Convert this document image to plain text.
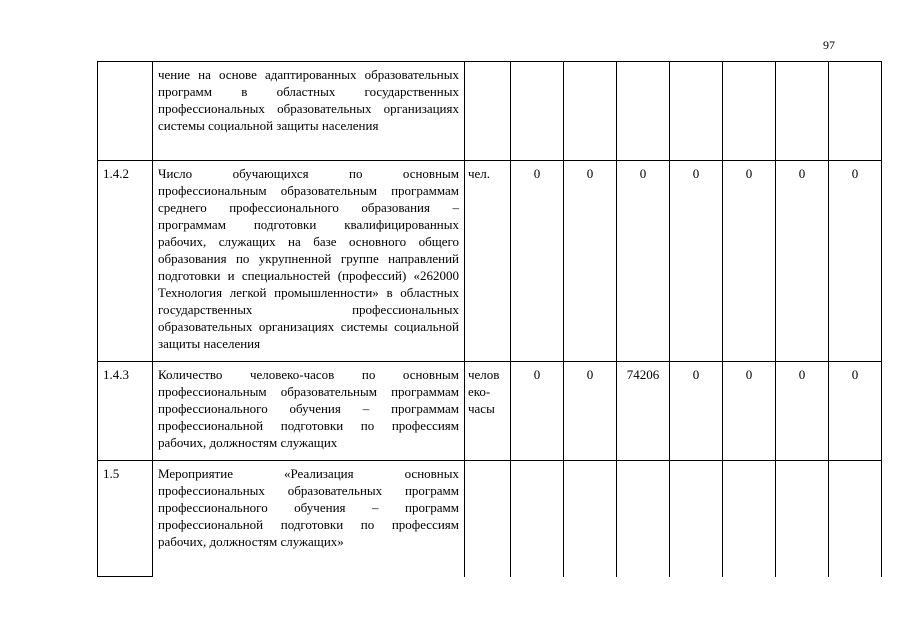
97
	чение на основе адаптированных образовательных программ в областных государственных профессиональных образовательных организациях системы социальной защиты населения								
1.4.2	Число обучающихся по основным профессиональным образовательным программам среднего профессионального образования – программам подготовки квалифицированных рабочих, служащих на базе основного общего образования по укрупненной группе направлений подготовки и специальностей (профессий) «262000 Технология легкой промышленности» в областных государственных профессиональных образовательных организациях системы социальной защиты населения	чел.	0	0	0	0	0	0	0
1.4.3	Количество человеко-часов по основным профессиональным образовательным программам профессионального обучения – программам профессиональной подготовки по профессиям рабочих, должностям служащих	челов еко-часы	0	0	74206	0	0	0	0
1.5	Мероприятие «Реализация основных профессиональных образовательных программ профессионального обучения – программ профессиональной подготовки по профессиям рабочих, должностям служащих»								
